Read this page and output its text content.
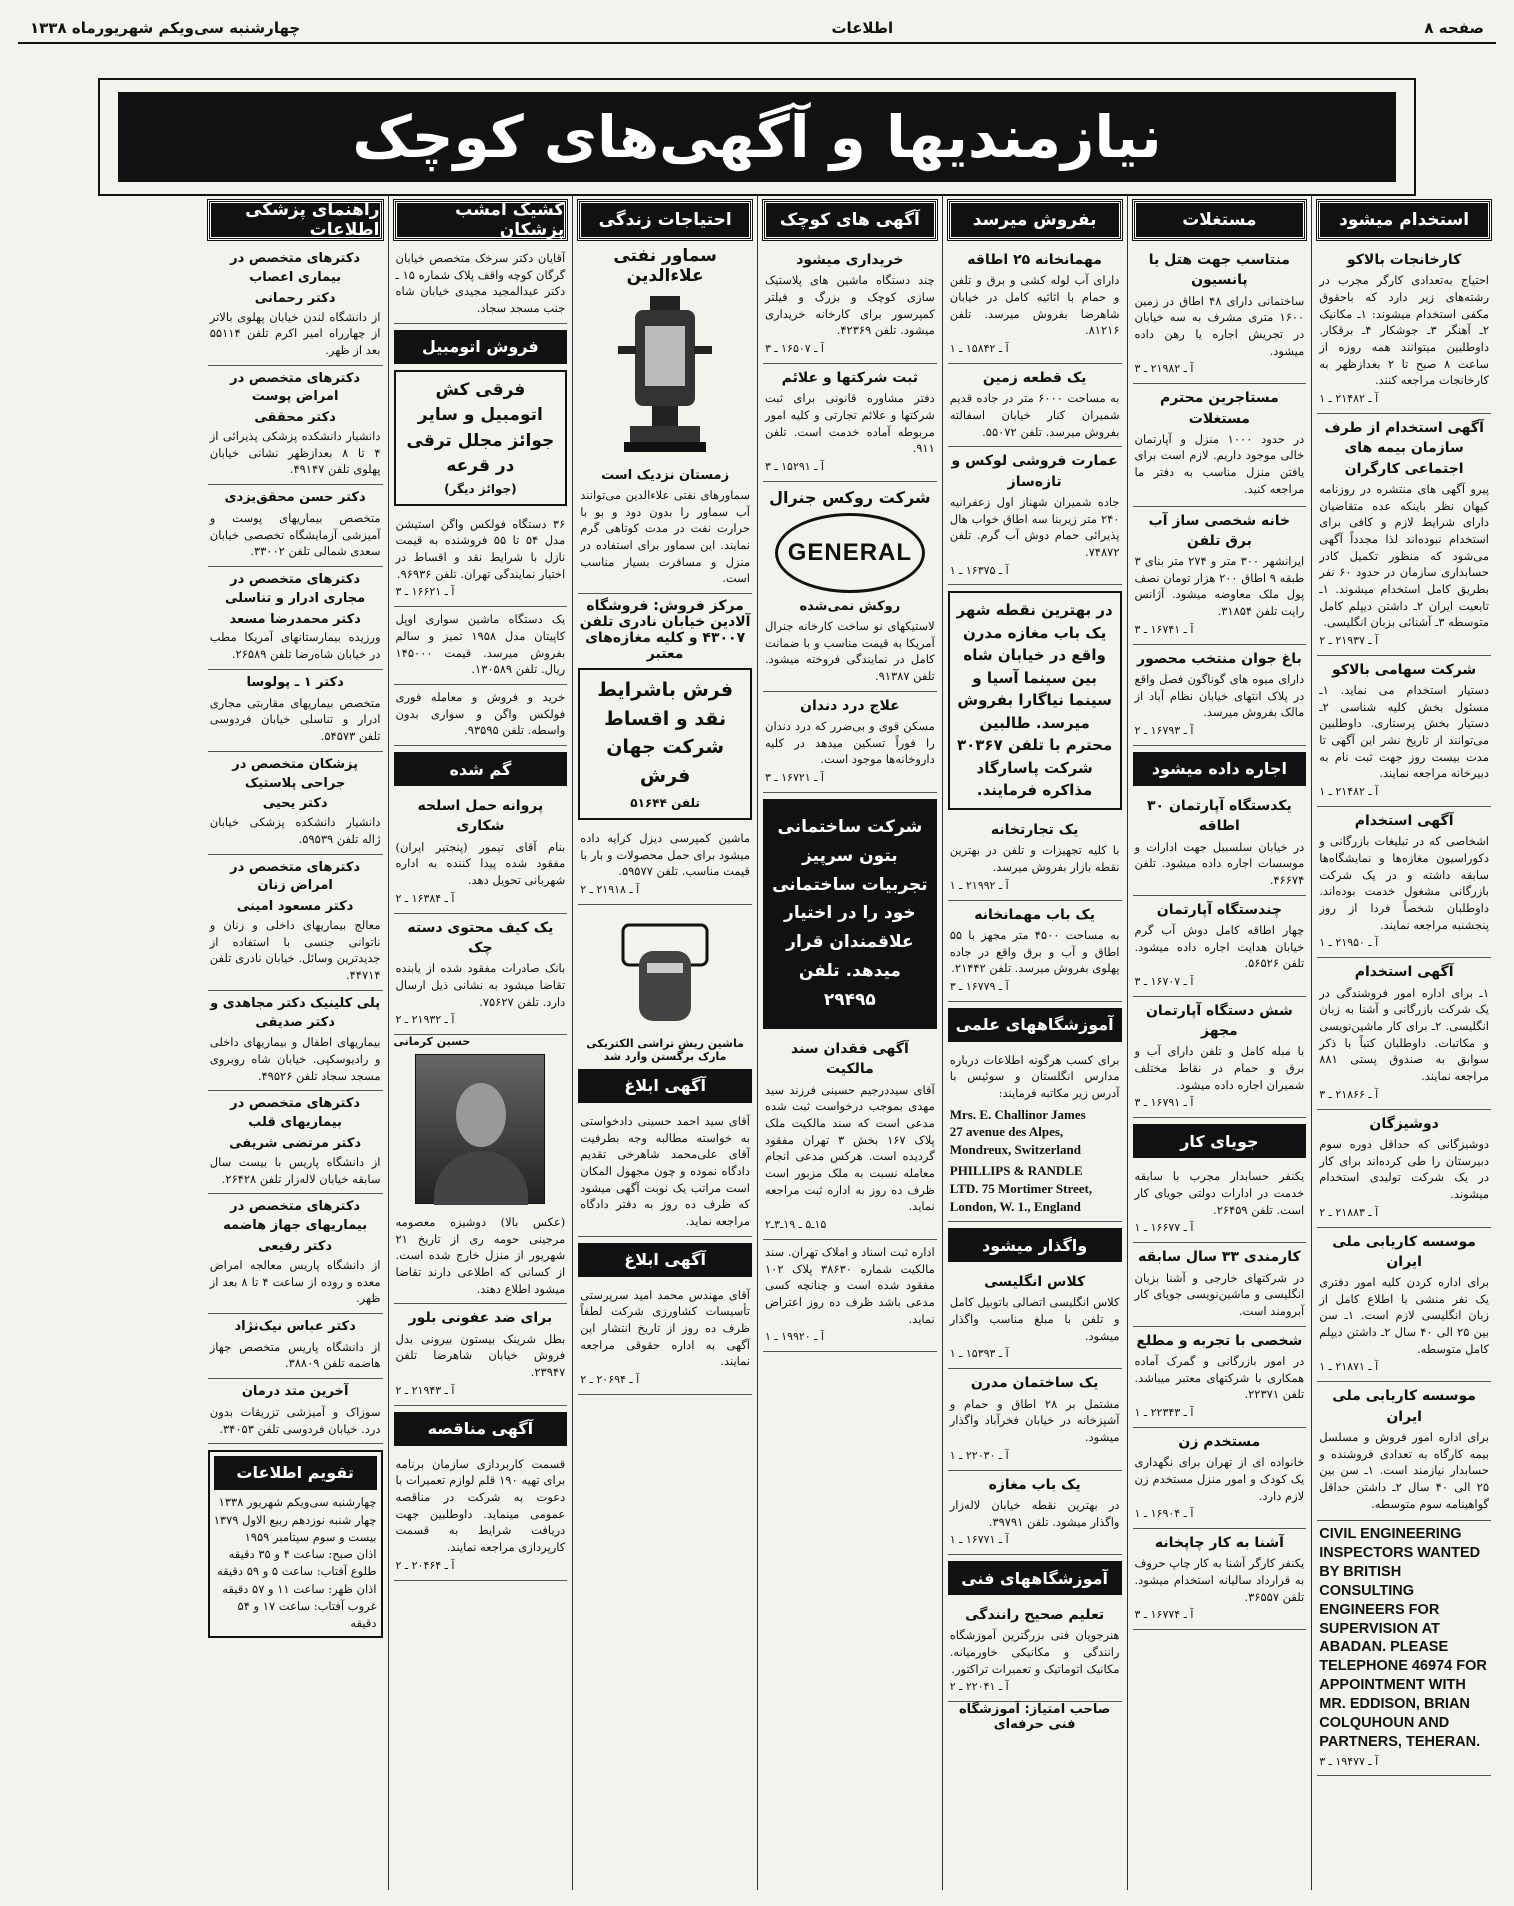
صفحه ۸
اطلاعات
چهارشنبه سی‌ویکم شهریورماه ۱۳۳۸
نیازمندیها و آگهی‌های کوچک
استخدام میشود
کارخانجات بالاکو
احتیاج به‌تعدادی کارگر مجرب در رشته‌های زیر دارد که باحقوق مکفی استخدام میشوند: ۱ـ مکانیک ۲ـ آهنگر ۳ـ جوشکار ۴ـ برقکار. داوطلبین میتوانند همه روزه از ساعت ۸ صبح تا ۲ بعدازظهر به کارخانجات مراجعه کنند.
آ ـ ۲۱۴۸۲ ـ ۱
آگهی استخدام از طرف سازمان بیمه های اجتماعی کارگران
پیرو آگهی های منتشره در روزنامه کیهان نظر باینکه عده متقاضیان دارای شرایط لازم و کافی برای استخدام نبوده‌اند لذا مجدداً آگهی می‌شود که منظور تکمیل کادر حسابداری سازمان در حدود ۶۰ نفر بطریق کامل استخدام میشوند. ۱ـ تابعیت ایران ۲ـ داشتن دیپلم کامل متوسطه ۳ـ آشنائی بزبان انگلیسی.
آ ـ ۲۱۹۳۷ ـ ۲
شرکت سهامی بالاکو
دستیار استخدام می نماید. ۱ـ مسئول بخش کلیه شناسی ۲ـ دستیار بخش پرستاری. داوطلبین می‌توانند از تاریخ نشر این آگهی تا مدت بیست روز جهت ثبت نام به دبیرخانه مراجعه نمایند.
آ ـ ۲۱۴۸۲ ـ ۱
آگهی استخدام
اشخاصی که در تبلیغات بازرگانی و دکوراسیون مغازه‌ها و نمایشگاه‌ها سابقه داشته و در یک شرکت بازرگانی مشغول خدمت بوده‌اند. داوطلبان شخصاً فردا از روز پنجشنبه مراجعه نمایند.
آ ـ ۲۱۹۵۰ ـ ۱
آگهی استخدام
۱ـ برای اداره امور فروشندگی در یک شرکت بازرگانی و آشنا به زبان انگلیسی. ۲ـ برای کار ماشین‌نویسی و مکاتبات. داوطلبان کتباً با ذکر سوابق به صندوق پستی ۸۸۱ مراجعه نمایند.
آ ـ ۲۱۸۶۶ ـ ۳
دوشیزگان
دوشیزگانی که حداقل دوره سوم دبیرستان را طی کرده‌اند برای کار در یک شرکت تولیدی استخدام میشوند.
آ ـ ۲۱۸۸۳ ـ ۲
موسسه کاریابی ملی ایران
برای اداره کردن کلیه امور دفتری یک نفر منشی با اطلاع کامل از زبان انگلیسی لازم است. ۱ـ سن بین ۲۵ الی ۴۰ سال ۲ـ داشتن دیپلم کامل متوسطه.
آ ـ ۲۱۸۷۱ ـ ۱
موسسه کاریابی ملی ایران
برای اداره امور فروش و مسلسل بیمه کارگاه به تعدادی فروشنده و حسابدار نیازمند است. ۱ـ سن بین ۲۵ الی ۴۰ سال ۲ـ داشتن حداقل گواهینامه سوم متوسطه.
CIVIL ENGINEERING INSPECTORS WANTED BY BRITISH CONSULTING ENGINEERS FOR SUPERVISION AT ABADAN. PLEASE TELEPHONE 46974 FOR APPOINTMENT WITH MR. EDDISON, BRIAN COLQUHOUN AND PARTNERS, TEHERAN.
آ ـ ۱۹۴۷۷ ـ ۳
مستغلات
منتاسب جهت هتل یا پانسیون
ساختمانی دارای ۴۸ اطاق در زمین ۱۶۰۰ متری مشرف به سه خیابان در تجریش اجاره یا رهن داده میشود.
آ ـ ۲۱۹۸۲ ـ ۳
مستاجرین محترم مستغلات
در حدود ۱۰۰۰ منزل و آپارتمان خالی موجود داریم. لازم است برای یافتن منزل مناسب به دفتر ما مراجعه کنید.
خانه شخصی ساز آب برق تلفن
ایرانشهر ۳۰۰ متر و ۲۷۴ متر بنای ۳ طبقه ۹ اطاق ۲۰۰ هزار تومان نصف پول ملک معاوضه میشود. آژانس رایت تلفن ۳۱۸۵۴.
آ ـ ۱۶۷۴۱ ـ ۳
باغ جوان منتخب محصور
دارای میوه های گوناگون فصل واقع در پلاک انتهای خیابان نظام آباد از مالک بفروش میرسد.
آ ـ ۱۶۷۹۳ ـ ۲
اجاره داده میشود
یکدستگاه آپارتمان ۳۰ اطاقه
در خیابان سلسبیل جهت ادارات و موسسات اجاره داده میشود. تلفن ۴۶۶۷۴.
چندستگاه آپارتمان
چهار اطاقه کامل دوش آب گرم خیابان هدایت اجاره داده میشود. تلفن ۵۶۵۲۶.
آ ـ ۱۶۷۰۷ ـ ۳
شش دستگاه آپارتمان مجهز
با مبله کامل و تلفن دارای آب و برق و حمام در نقاط مختلف شمیران اجاره داده میشود.
آ ـ ۱۶۷۹۱ ـ ۳
جویای کار
یکنفر حسابدار مجرب با سابقه خدمت در ادارات دولتی جویای کار است. تلفن ۲۶۴۵۹.
آ ـ ۱۶۶۷۷ ـ ۱
کارمندی ۳۳ سال سابقه
در شرکتهای خارجی و آشنا بزبان انگلیسی و ماشین‌نویسی جویای کار آبرومند است.
شخصی با تجربه و مطلع
در امور بازرگانی و گمرک آماده همکاری با شرکتهای معتبر میباشد. تلفن ۲۲۳۷۱.
آ ـ ۲۲۳۴۳ ـ ۱
مستخدم زن
خانواده ای از تهران برای نگهداری یک کودک و امور منزل مستخدم زن لازم دارد.
آ ـ ۱۶۹۰۴ ـ ۱
آشنا به کار چاپخانه
یکنفر کارگر آشنا به کار چاپ حروف به قرارداد سالیانه استخدام میشود. تلفن ۳۶۵۵۷.
آ ـ ۱۶۷۷۴ ـ ۳
بفروش میرسد
مهمانخانه ۲۵ اطاقه
دارای آب لوله کشی و برق و تلفن و حمام با اثاثیه کامل در خیابان شاهرضا بفروش میرسد. تلفن ۸۱۲۱۶.
آ ـ ۱۵۸۴۲ ـ ۱
یک قطعه زمین
به مساحت ۶۰۰۰ متر در جاده قدیم شمیران کنار خیابان اسفالته بفروش میرسد. تلفن ۵۵۰۷۲.
عمارت فروشی لوکس و تازه‌ساز
جاده شمیران شهناز اول زعفرانیه ۲۴۰ متر زیربنا سه اطاق خواب هال پذیرائی حمام دوش آب گرم. تلفن ۷۴۸۷۲.
آ ـ ۱۶۳۷۵ ـ ۱
در بهترین نقطه شهر یک باب مغازه مدرن واقع در خیابان شاه بین سینما آسیا و سینما نیاگارا بفروش میرسد. طالبین محترم با تلفن ۳۰۳۶۷ شرکت پاسارگاد مذاکره فرمایند.
یک تجارتخانه
با کلیه تجهیزات و تلفن در بهترین نقطه بازار بفروش میرسد.
آ ـ ۲۱۹۹۲ ـ ۱
یک باب مهمانخانه
به مساحت ۴۵۰۰ متر مجهز با ۵۵ اطاق و آب و برق واقع در جاده پهلوی بفروش میرسد. تلفن ۲۱۴۴۲.
آ ـ ۱۶۷۷۹ ـ ۳
آموزشگاههای علمی
برای کسب هرگونه اطلاعات درباره مدارس انگلستان و سوئیس با آدرس زیر مکاتبه فرمایند:
Mrs. E. Challinor James
27 avenue des Alpes,
Mondreux, Switzerland
PHILLIPS & RANDLE
LTD. 75 Mortimer Street,
London, W. 1., England
واگذار میشود
کلاس انگلیسی
کلاس انگلیسی اتصالی باتوبیل کامل و تلفن با مبلغ مناسب واگذار میشود.
آ ـ ۱۵۳۹۳ ـ ۱
یک ساختمان مدرن
مشتمل بر ۲۸ اطاق و حمام و آشپزخانه در خیابان فخرآباد واگذار میشود.
آ ـ ۲۲۰۳۰ ـ ۱
یک باب مغازه
در بهترین نقطه خیابان لاله‌زار واگذار میشود. تلفن ۳۹۷۹۱.
آ ـ ۱۶۷۷۱ ـ ۱
آموزشگاههای فنی
تعلیم صحیح رانندگی
هنرجویان فنی بزرگترین آموزشگاه رانندگی و مکانیکی خاورمیانه. مکانیک اتوماتیک و تعمیرات تراکتور.
آ ـ ۲۲۰۴۱ ـ ۲
صاحب امتیاز: آموزشگاه فنی حرفه‌ای
آگهی های کوچک
خریداری میشود
چند دستگاه ماشین های پلاستیک سازی کوچک و بزرگ و فیلتر کمپرسور برای کارخانه خریداری میشود. تلفن ۴۲۳۶۹.
آ ـ ۱۶۵۰۷ ـ ۳
ثبت شرکتها و علائم
دفتر مشاوره قانونی برای ثبت شرکتها و علائم تجارتی و کلیه امور مربوطه آماده خدمت است. تلفن ۹۱۱.
آ ـ ۱۵۲۹۱ ـ ۳
شرکت روکس جنرال
GENERAL
روکش نمی‌شده
لاستیکهای نو ساخت کارخانه جنرال آمریکا به قیمت مناسب و با ضمانت کامل در نمایندگی فروخته میشود. تلفن ۹۱۳۸۷.
علاج درد دندان
مسکن قوی و بی‌ضرر که درد دندان را فوراً تسکین میدهد در کلیه داروخانه‌ها موجود است.
آ ـ ۱۶۷۲۱ ـ ۳
شرکت ساختمانی بتون سرپیز تجربیات ساختمانی خود را در اختیار علاقمندان قرار میدهد. تلفن ۲۹۴۹۵
آگهی فقدان سند مالکیت
آقای سیددرجیم حسینی فرزند سید مهدی بموجب درخواست ثبت شده مدعی است که سند مالکیت ملک پلاک ۱۶۷ بخش ۳ تهران مفقود گردیده است. هرکس مدعی انجام معامله نسبت به ملک مزبور است ظرف ده روز به اداره ثبت مراجعه نماید.
۱۵ـ۵ ـ ۱۹ـ۳ـ۲
اداره ثبت اسناد و املاک تهران. سند مالکیت شماره ۳۸۶۳۰ پلاک ۱۰۲ مفقود شده است و چنانچه کسی مدعی باشد ظرف ده روز اعتراض نماید.
آ ـ ۱۹۹۲۰ ـ ۱
احتیاجات زندگی
سماور نفتی علاءالدین
زمستان نزدیک است
سماورهای نفتی علاءالدین می‌توانند آب سماور را بدون دود و بو با حرارت نفت در مدت کوتاهی گرم نمایند. این سماور برای استفاده در منزل و مسافرت بسیار مناسب است.
مرکز فروش: فروشگاه آلادین خیابان نادری تلفن ۴۳۰۰۷ و کلیه مغازه‌های معتبر
فرش باشرایط نقد و اقساط شرکت جهان فرش
تلفن ۵۱۶۴۴
ماشین کمپرسی دیزل کرایه داده میشود برای حمل محصولات و بار با قیمت مناسب. تلفن ۵۹۵۷۷.
آ ـ ۲۱۹۱۸ ـ ۲
ماشین ریش تراشی الکتریکی مارک برگستن وارد شد
آگهی ابلاغ
آقای سید احمد حسینی دادخواستی به خواسته مطالبه وجه بطرفیت آقای علی‌محمد شاهرخی تقدیم دادگاه نموده و چون مجهول المکان است مراتب یک نوبت آگهی میشود که ظرف ده روز به دفتر دادگاه مراجعه نماید.
آگهی ابلاغ
آقای مهندس محمد امید سرپرستی تأسیسات کشاورزی شرکت لطفاً ظرف ده روز از تاریخ انتشار این آگهی به اداره حقوقی مراجعه نمایند.
آ ـ ۲۰۶۹۴ ـ ۲
کشیک امشب پزشکان
آقایان دکتر سرخک متخصص خیابان گرگان کوچه واقف پلاک شماره ۱۵ ـ دکتر عبدالمجید مجیدی خیابان شاه جنب مسجد سجاد.
فروش اتومبیل
فرقی کش اتومبیل و سایر جوائز مجلل ترقی در قرعه
(جوائز دیگر)
۳۶ دستگاه فولکس واگن استیشن مدل ۵۴ تا ۵۵ فروشنده به قیمت نازل با شرایط نقد و اقساط در اختیار نمایندگی تهران. تلفن ۹۶۹۳۶.
آ ـ ۱۶۶۲۱ ـ ۳
یک دستگاه ماشین سواری اوپل کاپیتان مدل ۱۹۵۸ تمیز و سالم بفروش میرسد. قیمت ۱۴۵۰۰۰ ریال. تلفن ۱۳۰۵۸۹.
خرید و فروش و معامله فوری فولکس واگن و سواری بدون واسطه. تلفن ۹۳۵۹۵.
گم شده
پروانه حمل اسلحه شکاری
بنام آقای تیمور (پنجتیر ایران) مفقود شده پیدا کننده به اداره شهربانی تحویل دهد.
آ ـ ۱۶۳۸۴ ـ ۲
یک کیف محتوی دسته چک
بانک صادرات مفقود شده از یابنده تقاضا میشود به نشانی ذیل ارسال دارد. تلفن ۷۵۶۲۷.
آ ـ ۲۱۹۳۲ ـ ۲
حسین کرمانی
(عکس بالا) دوشیزه معصومه مرجینی حومه ری از تاریخ ۲۱ شهریور از منزل خارج شده است. از کسانی که اطلاعی دارند تقاضا میشود اطلاع دهند.
برای ضد عفونی بلور
بطل شرینک بیستون بیرونی بدل فروش خیابان شاهرضا تلفن ۲۳۹۴۷.
آ ـ ۲۱۹۴۳ ـ ۲
آگهی مناقصه
قسمت کاربردازی سازمان برنامه برای تهیه ۱۹۰ قلم لوازم تعمیرات با دعوت به شرکت در مناقصه عمومی مینماید. داوطلبین جهت دریافت شرایط به قسمت کارپردازی مراجعه نمایند.
آ ـ ۲۰۴۶۴ ـ ۲
راهنمای پزشکی اطلاعات
دکترهای متخصص در بیماری اعصاب
دکتر رحمانی
از دانشگاه لندن خیابان پهلوی بالاتر از چهارراه امیر اکرم تلفن ۵۵۱۱۴ بعد از ظهر.
دکترهای متخصص در امراض پوست
دکتر محققی
دانشیار دانشکده پزشکی پذیرائی از ۴ تا ۸ بعدازظهر نشانی خیابان پهلوی تلفن ۴۹۱۴۷.
دکتر حسن محقق‌یزدی
متخصص بیماریهای پوست و آمیزشی آزمایشگاه تخصصی خیابان سعدی شمالی تلفن ۳۳۰۰۲.
دکترهای متخصص در مجاری ادرار و تناسلی
دکتر محمدرضا مسعد
ورزیده بیمارستانهای آمریکا مطب در خیابان شاه‌رضا تلفن ۲۶۵۸۹.
دکتر ۱ ـ پولوسا
متخصص بیماریهای مقاربتی مجاری ادرار و تناسلی خیابان فردوسی تلفن ۵۴۵۷۳.
پزشکان متخصص در جراحی پلاستیک
دکتر یحیی
دانشیار دانشکده پزشکی خیابان ژاله تلفن ۵۹۵۳۹.
دکترهای متخصص در امراض زنان
دکتر مسعود امینی
معالج بیماریهای داخلی و زنان و ناتوانی جنسی با استفاده از جدیدترین وسائل. خیابان نادری تلفن ۴۴۷۱۴.
پلی کلینیک دکتر مجاهدی و دکتر صدیقی
بیماریهای اطفال و بیماریهای داخلی و رادیوسکپی. خیابان شاه روبروی مسجد سجاد تلفن ۴۹۵۲۶.
دکترهای متخصص در بیماریهای قلب
دکتر مرتضی شریفی
از دانشگاه پاریس با بیست سال سابقه خیابان لاله‌زار تلفن ۲۶۴۲۸.
دکترهای متخصص در بیماریهای جهاز هاضمه
دکتر رفیعی
از دانشگاه پاریس معالجه امراض معده و روده از ساعت ۴ تا ۸ بعد از ظهر.
دکتر عباس نیک‌نژاد
از دانشگاه پاریس متخصص جهاز هاضمه تلفن ۳۸۸۰۹.
آخرین متد درمان
سوزاک و آمیزشی تزریقات بدون درد. خیابان فردوسی تلفن ۳۴۰۵۳.
تقویم اطلاعات
چهارشنبه سی‌ویکم شهریور ۱۳۳۸
چهار شنبه نوزدهم ربیع الاول ۱۳۷۹
بیست و سوم سپتامبر ۱۹۵۹
اذان صبح: ساعت ۴ و ۳۵ دقیقه
طلوع آفتاب: ساعت ۵ و ۵۹ دقیقه
اذان ظهر: ساعت ۱۱ و ۵۷ دقیقه
غروب آفتاب: ساعت ۱۷ و ۵۴ دقیقه
